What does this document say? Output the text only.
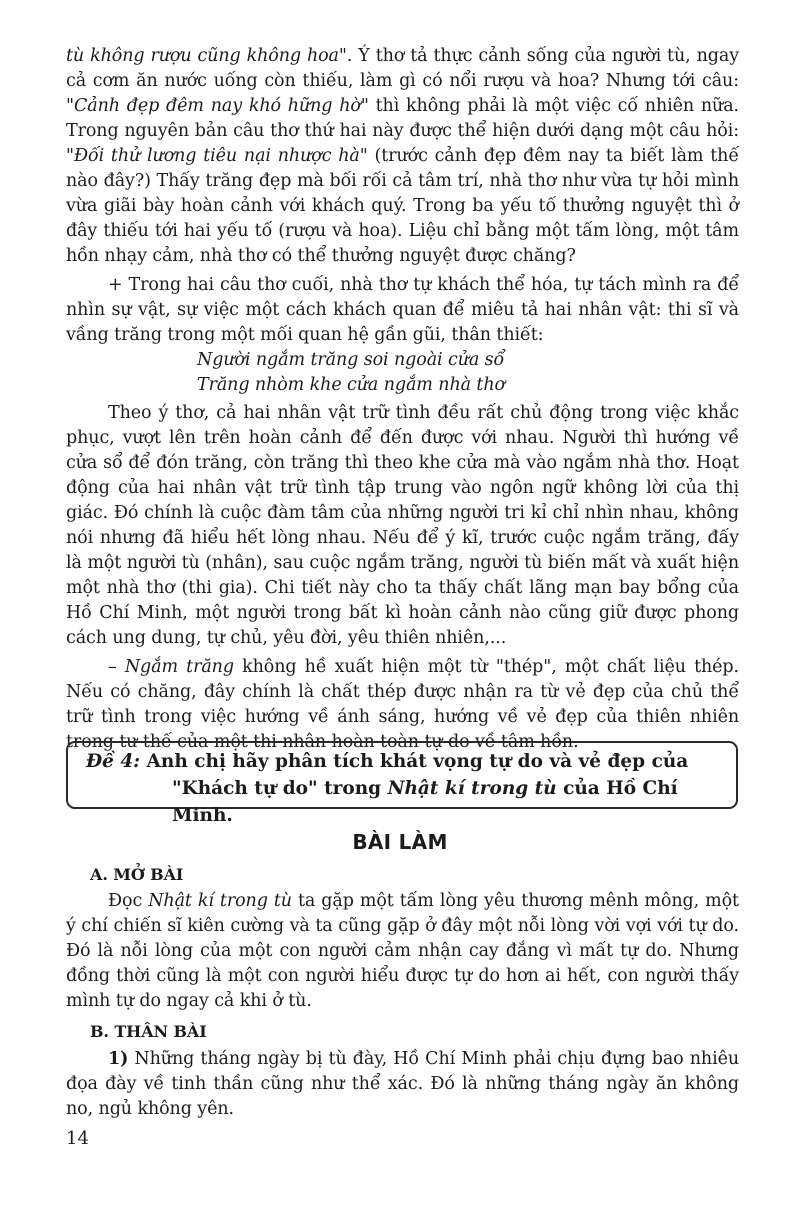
tù không rượu cũng không hoa". Ý thơ tả thực cảnh sống của người tù, ngay cả cơm ăn nước uống còn thiếu, làm gì có nổi rượu và hoa? Nhưng tới câu: "Cảnh đẹp đêm nay khó hững hờ" thì không phải là một việc cố nhiên nữa. Trong nguyên bản câu thơ thứ hai này được thể hiện dưới dạng một câu hỏi: "Đối thử lương tiêu nại nhược hà" (trước cảnh đẹp đêm nay ta biết làm thế nào đây?) Thấy trăng đẹp mà bối rối cả tâm trí, nhà thơ như vừa tự hỏi mình vừa giãi bày hoàn cảnh với khách quý. Trong ba yếu tố thưởng nguyệt thì ở đây thiếu tới hai yếu tố (rượu và hoa). Liệu chỉ bằng một tấm lòng, một tâm hồn nhạy cảm, nhà thơ có thể thưởng nguyệt được chăng?

+ Trong hai câu thơ cuối, nhà thơ tự khách thể hóa, tự tách mình ra để nhìn sự vật, sự việc một cách khách quan để miêu tả hai nhân vật: thi sĩ và vầng trăng trong một mối quan hệ gần gũi, thân thiết:

Người ngắm trăng soi ngoài cửa sổ

Trăng nhòm khe cửa ngắm nhà thơ

Theo ý thơ, cả hai nhân vật trữ tình đều rất chủ động trong việc khắc phục, vượt lên trên hoàn cảnh để đến được với nhau. Người thì hướng về cửa sổ để đón trăng, còn trăng thì theo khe cửa mà vào ngắm nhà thơ. Hoạt động của hai nhân vật trữ tình tập trung vào ngôn ngữ không lời của thị giác. Đó chính là cuộc đàm tâm của những người tri kỉ chỉ nhìn nhau, không nói nhưng đã hiểu hết lòng nhau. Nếu để ý kĩ, trước cuộc ngắm trăng, đấy là một người tù (nhân), sau cuộc ngắm trăng, người tù biến mất và xuất hiện một nhà thơ (thi gia). Chi tiết này cho ta thấy chất lãng mạn bay bổng của Hồ Chí Minh, một người trong bất kì hoàn cảnh nào cũng giữ được phong cách ung dung, tự chủ, yêu đời, yêu thiên nhiên,...

– Ngắm trăng không hề xuất hiện một từ "thép", một chất liệu thép. Nếu có chăng, đây chính là chất thép được nhận ra từ vẻ đẹp của chủ thể trữ tình trong việc hướng về ánh sáng, hướng về vẻ đẹp của thiên nhiên trong tư thế của một thi nhân hoàn toàn tự do về tâm hồn.

Đề 4: Anh chị hãy phân tích khát vọng tự do và vẻ đẹp của
"Khách tự do" trong Nhật kí trong tù của Hồ Chí Minh.
BÀI LÀM

A. MỞ BÀI

Đọc Nhật kí trong tù ta gặp một tấm lòng yêu thương mênh mông, một ý chí chiến sĩ kiên cường và ta cũng gặp ở đây một nỗi lòng vời vợi với tự do. Đó là nỗi lòng của một con người cảm nhận cay đắng vì mất tự do. Nhưng đồng thời cũng là một con người hiểu được tự do hơn ai hết, con người thấy mình tự do ngay cả khi ở tù.

B. THÂN BÀI

1) Những tháng ngày bị tù đày, Hồ Chí Minh phải chịu đựng bao nhiêu đọa đày về tinh thần cũng như thể xác. Đó là những tháng ngày ăn không no, ngủ không yên.

14
